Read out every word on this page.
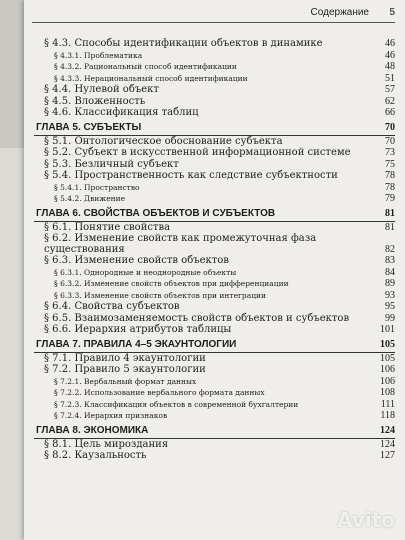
Содержание 5
§ 4.3. Способы идентификации объектов в динамике	46
§ 4.3.1. Проблематика	46
§ 4.3.2. Рациональный способ идентификации	48
§ 4.3.3. Нерациональный способ идентификации	51
§ 4.4. Нулевой объект	57
§ 4.5. Вложенность	62
§ 4.6. Классификация таблиц	66
ГЛАВА 5. СУБЪЕКТЫ	70
§ 5.1. Онтологическое обоснование субъекта	70
§ 5.2. Субъект в искусственной информационной системе	73
§ 5.3. Безличный субъект	75
§ 5.4. Пространственность как следствие субъектности	78
§ 5.4.1. Пространство	78
§ 5.4.2. Движение	79
ГЛАВА 6. СВОЙСТВА ОБЪЕКТОВ И СУБЪЕКТОВ	81
§ 6.1. Понятие свойства	81
§ 6.2. Изменение свойств как промежуточная фаза существования	82
§ 6.3. Изменение свойств объектов	83
§ 6.3.1. Однородные и неоднородные объекты	84
§ 6.3.2. Изменение свойств объектов при дифференциации	89
§ 6.3.3. Изменение свойств объектов при интеграции	93
§ 6.4. Свойства субъектов	95
§ 6.5. Взаимозаменяемость свойств объектов и субъектов	99
§ 6.6. Иерархия атрибутов таблицы	101
ГЛАВА 7. ПРАВИЛА 4–5 ЭКАУНТОЛОГИИ	105
§ 7.1. Правило 4 экаунтологии	105
§ 7.2. Правило 5 экаунтологии	106
§ 7.2.1. Вербальный формат данных	106
§ 7.2.2. Использование вербального формата данных	108
§ 7.2.3. Классификация объектов в современной бухгалтерии	111
§ 7.2.4. Иерархия признаков	118
ГЛАВА 8. ЭКОНОМИКА	124
§ 8.1. Цель мироздания	124
§ 8.2. Каузальность	127
Avito
